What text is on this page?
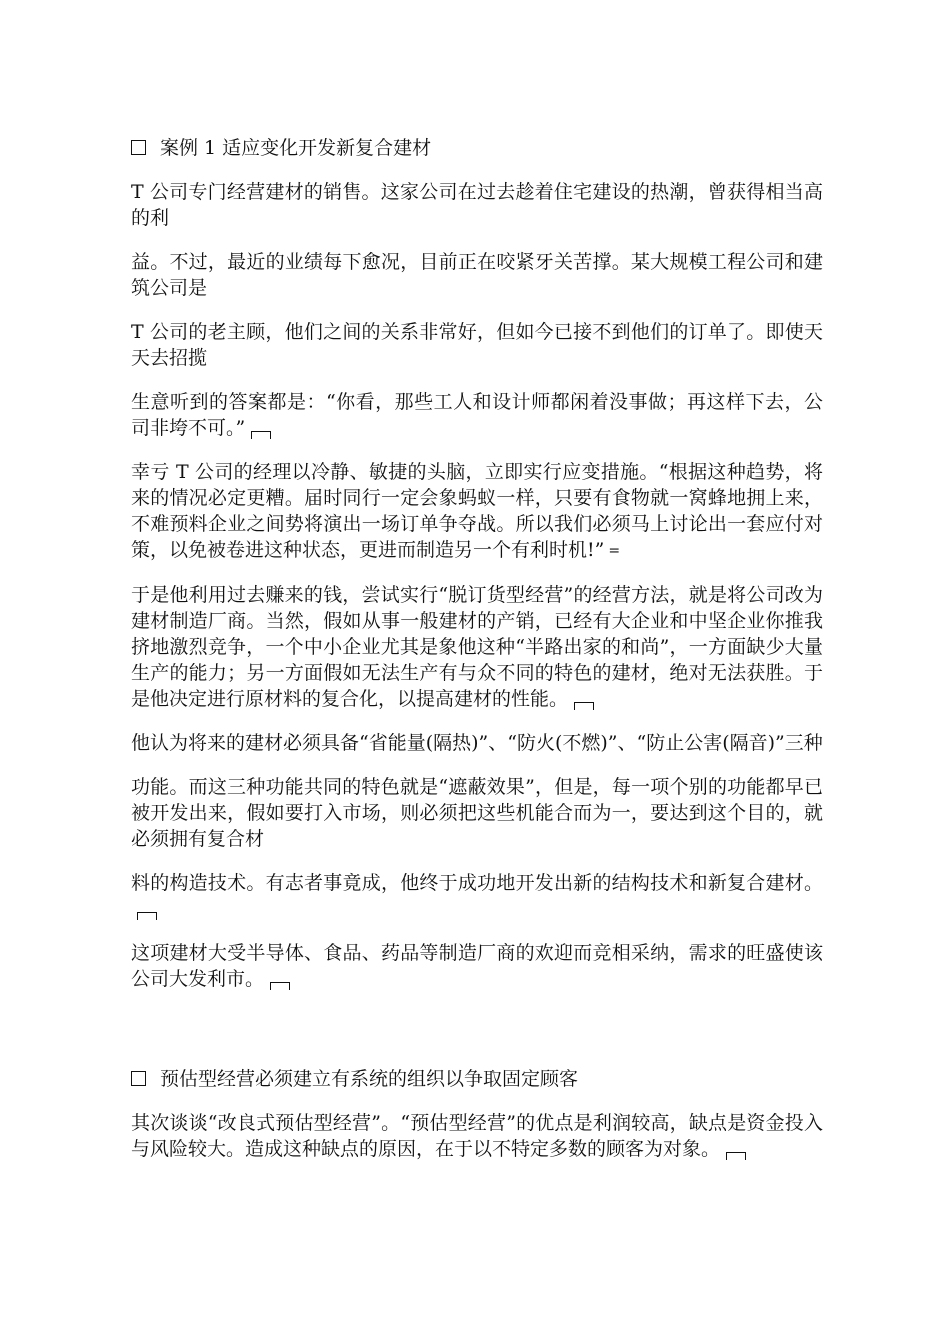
案例 1 适应变化开发新复合建材

T 公司专门经营建材的销售。这家公司在过去趁着住宅建设的热潮，曾获得相当高的利

益。不过，最近的业绩每下愈况，目前正在咬紧牙关苦撑。某大规模工程公司和建筑公司是

T 公司的老主顾，他们之间的关系非常好，但如今已接不到他们的订单了。即使天天去招揽

生意听到的答案都是：“你看，那些工人和设计师都闲着没事做；再这样下去，公司非垮不可。”

幸亏 T 公司的经理以冷静、敏捷的头脑，立即实行应变措施。“根据这种趋势，将来的情况必定更糟。届时同行一定会象蚂蚁一样，只要有食物就一窝蜂地拥上来，不难预料企业之间势将演出一场订单争夺战。所以我们必须马上讨论出一套应付对策，以免被卷进这种状态，更进而制造另一个有利时机!” =

于是他利用过去赚来的钱，尝试实行“脱订货型经营”的经营方法，就是将公司改为建材制造厂商。当然，假如从事一般建材的产销，已经有大企业和中坚企业你推我挤地激烈竞争，一个中小企业尤其是象他这种“半路出家的和尚”，一方面缺少大量生产的能力；另一方面假如无法生产有与众不同的特色的建材，绝对无法获胜。于是他决定进行原材料的复合化，以提高建材的性能。

他认为将来的建材必须具备“省能量(隔热)”、“防火(不燃)”、“防止公害(隔音)”三种

功能。而这三种功能共同的特色就是“遮蔽效果”，但是，每一项个别的功能都早已被开发出来，假如要打入市场，则必须把这些机能合而为一，要达到这个目的，就必须拥有复合材

料的构造技术。有志者事竟成，他终于成功地开发出新的结构技术和新复合建材。

这项建材大受半导体、食品、药品等制造厂商的欢迎而竞相采纳，需求的旺盛使该公司大发利市。

预估型经营必须建立有系统的组织以争取固定顾客

其次谈谈“改良式预估型经营”。“预估型经营”的优点是利润较高，缺点是资金投入与风险较大。造成这种缺点的原因，在于以不特定多数的顾客为对象。
